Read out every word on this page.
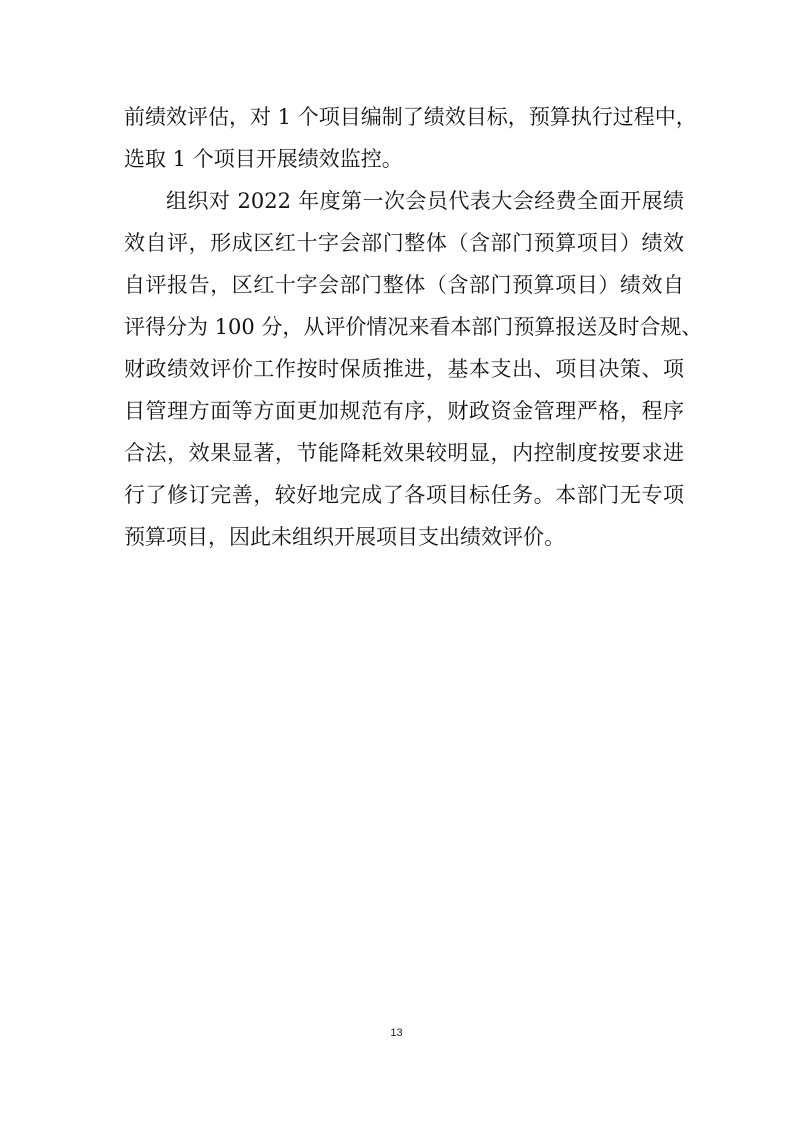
前绩效评估，对 1 个项目编制了绩效目标，预算执行过程中，
选取 1 个项目开展绩效监控。
组织对 2022 年度第一次会员代表大会经费全面开展绩
效自评，形成区红十字会部门整体（含部门预算项目）绩效
自评报告，区红十字会部门整体（含部门预算项目）绩效自
评得分为 100 分，从评价情况来看本部门预算报送及时合规、
财政绩效评价工作按时保质推进，基本支出、项目决策、项
目管理方面等方面更加规范有序，财政资金管理严格，程序
合法，效果显著，节能降耗效果较明显，内控制度按要求进
行了修订完善，较好地完成了各项目标任务。本部门无专项
预算项目，因此未组织开展项目支出绩效评价。
13
